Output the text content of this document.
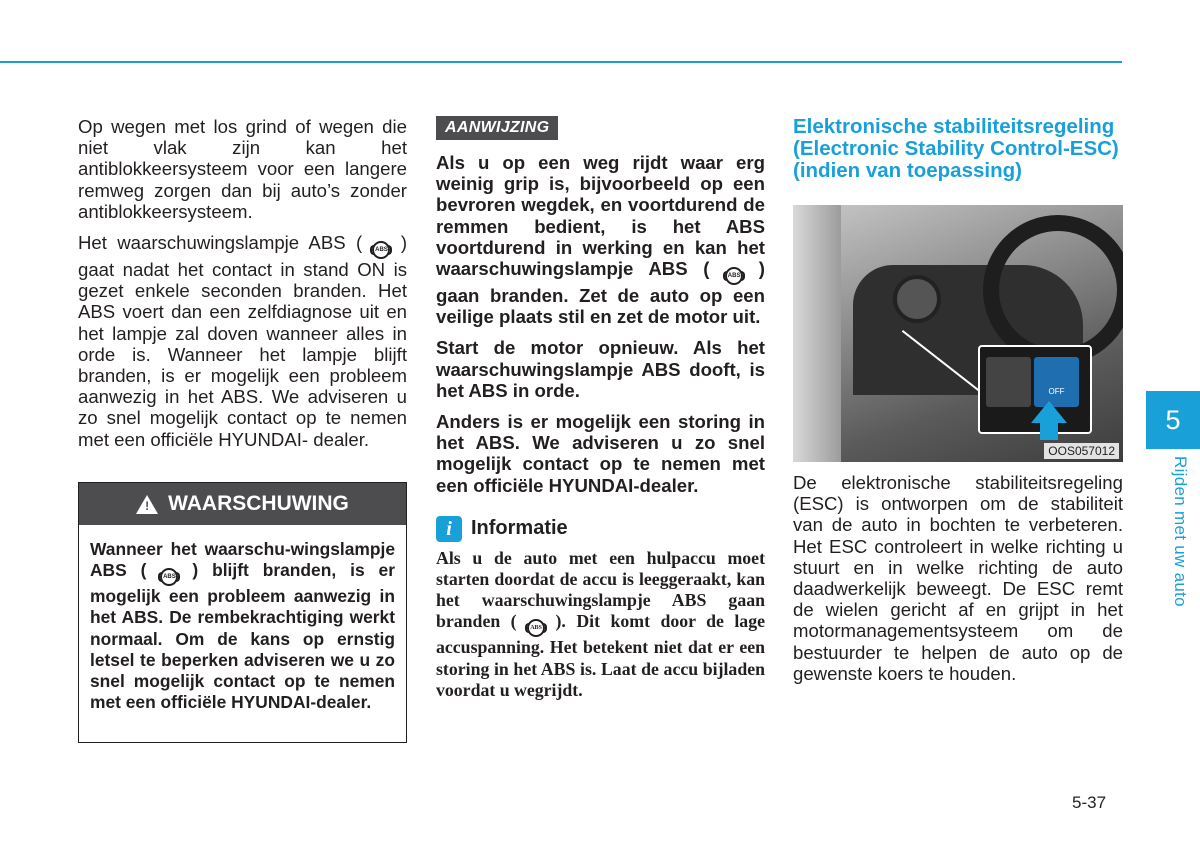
Op wegen met los grind of wegen die niet vlak zijn kan het antiblokkeersysteem voor een langere remweg zorgen dan bij auto’s zonder antiblokkeersysteem.

Het waarschuwingslampje ABS ( ABS ) gaat nadat het contact in stand ON is gezet enkele seconden branden. Het ABS voert dan een zelfdiagnose uit en het lampje zal doven wanneer alles in orde is. Wanneer het lampje blijft branden, is er mogelijk een probleem aanwezig in het ABS. We adviseren u zo snel mogelijk contact op te nemen met een officiële HYUNDAI- dealer.

! WAARSCHUWING
Wanneer het waarschu-wingslampje ABS (	ABS ) blijft branden, is er mogelijk een probleem aanwezig in het ABS. De rembekrachtiging werkt normaal. Om de kans op ernstig letsel te beperken adviseren we u zo snel mogelijk contact op te nemen met een officiële HYUNDAI-dealer.
AANWIJZING

Als u op een weg rijdt waar erg weinig grip is, bijvoorbeeld op een bevroren wegdek, en voortdurend de remmen bedient, is het ABS voortdurend in werking en kan het waarschuwingslampje ABS (	ABS ) gaan branden. Zet de auto op een veilige plaats stil en zet de motor uit.

Start de motor opnieuw. Als het waarschuwingslampje ABS dooft, is het ABS in orde.

Anders is er mogelijk een storing in het ABS. We adviseren u zo snel mogelijk contact op te nemen met een officiële HYUNDAI-dealer.

i Informatie

Als u de auto met een hulpaccu moet starten doordat de accu is leeggeraakt, kan het waarschuwingslampje ABS gaan branden ( ABS ). Dit komt door de lage accuspanning. Het betekent niet dat er een storing in het ABS is. Laat de accu bijladen voordat u wegrijdt.

Elektronische stabiliteitsregeling (Electronic Stability Control-ESC) (indien van toepassing)
OFF
OOS057012

De elektronische stabiliteitsregeling (ESC) is ontworpen om de stabiliteit van de auto in bochten te verbeteren. Het ESC controleert in welke richting u stuurt en in welke richting de auto daadwerkelijk beweegt. De ESC remt de wielen gericht af en grijpt in het motormanagementsysteem om de bestuurder te helpen de auto op de gewenste koers te houden.

5
Rijden met uw auto
5-37
